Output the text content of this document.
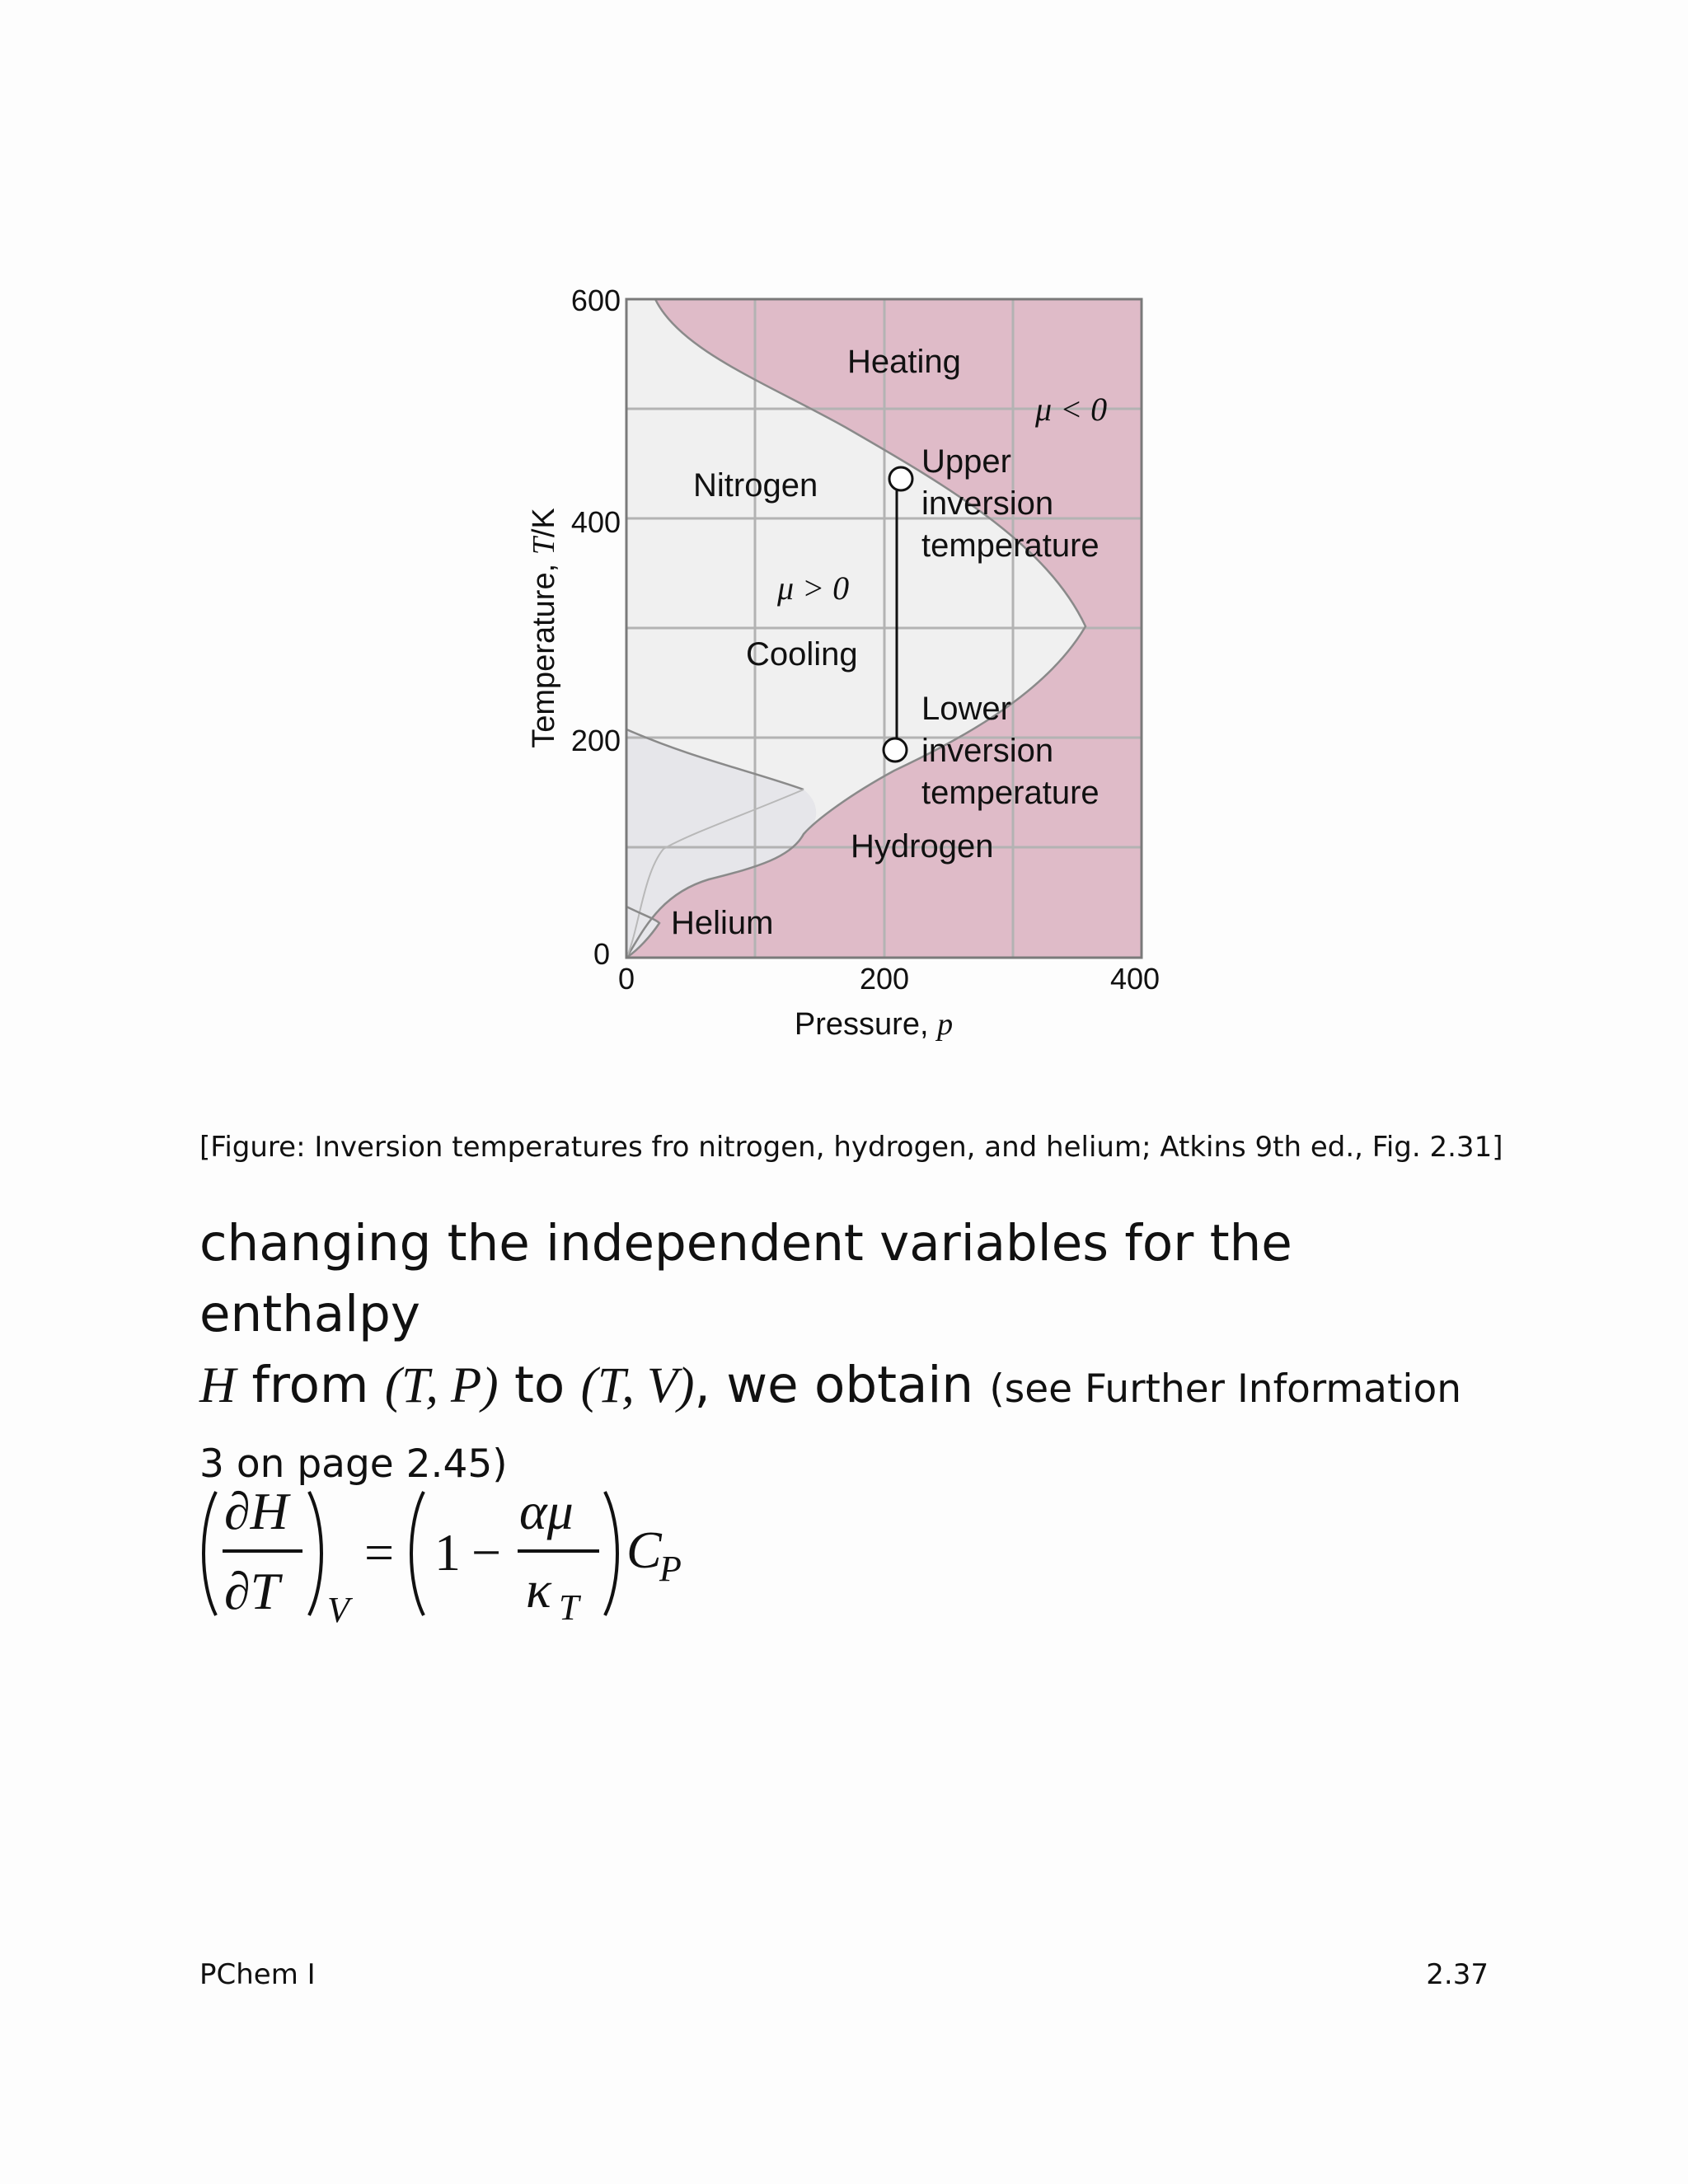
600
400
200
0
0	200	400
Temperature, T/K
Pressure, p
Heating
μ < 0
Nitrogen
μ > 0
Cooling
Upper
inversion
temperature
Lower
inversion
temperature
Hydrogen
Helium
[Figure: Inversion temperatures fro nitrogen, hydrogen, and helium; Atkins 9th ed., Fig. 2.31]
changing the independent variables for the enthalpy
H from (T, P) to (T, V), we obtain (see Further Information 3 on page 2.45)
∂H
∂T V
= 1 −
αμ
κ T
C
P
PChem I	2.37
